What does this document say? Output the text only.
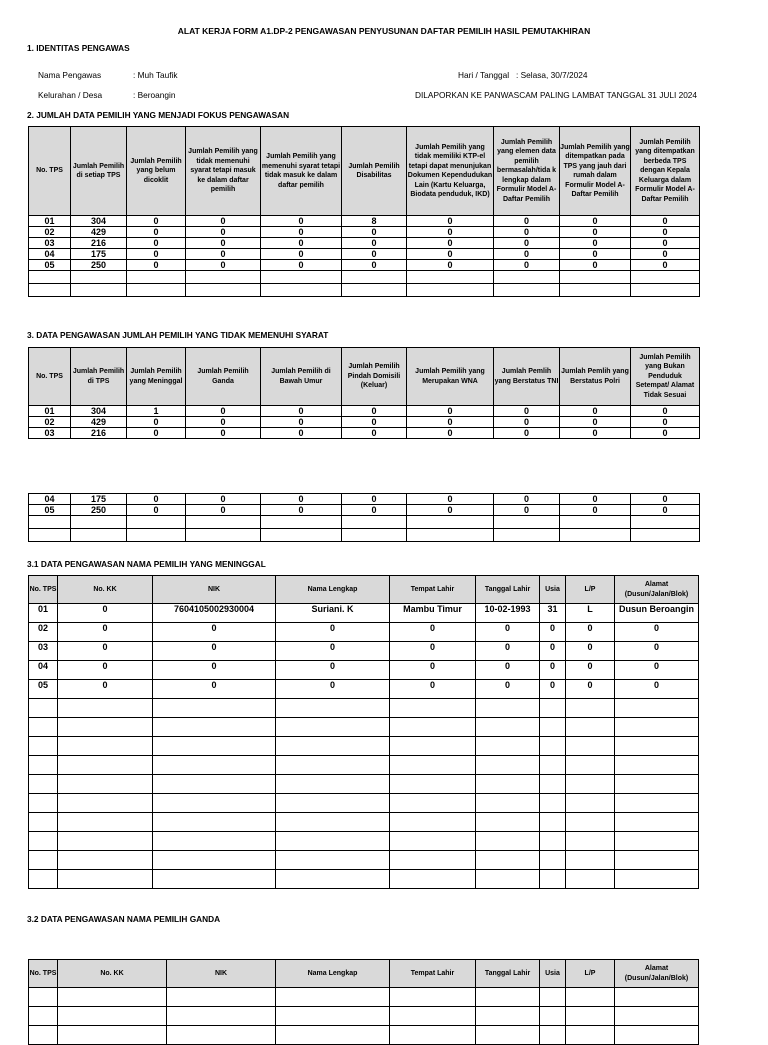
ALAT KERJA FORM A1.DP-2 PENGAWASAN PENYUSUNAN DAFTAR PEMILIH HASIL PEMUTAKHIRAN
1. IDENTITAS PENGAWAS
Nama Pengawas	: Muh Taufik
Kelurahan / Desa	: Beroangin
Hari / Tanggal : Selasa, 30/7/2024
DILAPORKAN KE PANWASCAM PALING LAMBAT TANGGAL 31 JULI 2024
2. JUMLAH DATA PEMILIH YANG MENJADI FOKUS PENGAWASAN
No. TPS	Jumlah Pemilih di setiap TPS	Jumlah Pemilih yang belum dicoklit	Jumlah Pemilih yang tidak memenuhi syarat tetapi masuk ke dalam daftar pemilih	Jumlah Pemilih yang memenuhi syarat tetapi tidak masuk ke dalam daftar pemilih	Jumlah Pemilih Disabilitas	Jumlah Pemilih yang tidak memiliki KTP-el tetapi dapat menunjukan Dokumen Kependudukan Lain (Kartu Keluarga, Biodata penduduk, IKD)	Jumlah Pemilih yang elemen data pemilih bermasalah/tida k lengkap dalam Formulir Model A-Daftar Pemilih	Jumlah Pemilih yang ditempatkan pada TPS yang jauh dari rumah dalam Formulir Model A-Daftar Pemilih	Jumlah Pemilih yang ditempatkan berbeda TPS dengan Kepala Keluarga dalam Formulir Model A-Daftar Pemilih
01	304	0	0	0	8	0	0	0	0
02	429	0	0	0	0	0	0	0	0
03	216	0	0	0	0	0	0	0	0
04	175	0	0	0	0	0	0	0	0
05	250	0	0	0	0	0	0	0	0

3. DATA PENGAWASAN JUMLAH PEMILIH YANG TIDAK MEMENUHI SYARAT
No. TPS	Jumlah Pemilih di TPS	Jumlah Pemilih yang Meninggal	Jumlah Pemilih Ganda	Jumlah Pemilih di Bawah Umur	Jumlah Pemilih Pindah Domisili (Keluar)	Jumlah Pemilih yang Merupakan WNA	Jumlah Pemlih yang Berstatus TNI	Jumlah Pemlih yang Berstatus Polri	Jumlah Pemilih yang Bukan Penduduk Setempat/ Alamat Tidak Sesuai
01	304	1	0	0	0	0	0	0	0
02	429	0	0	0	0	0	0	0	0
03	216	0	0	0	0	0	0	0	0
04	175	0	0	0	0	0	0	0	0
05	250	0	0	0	0	0	0	0	0

3.1 DATA PENGAWASAN NAMA PEMILIH YANG MENINGGAL
No. TPS	No. KK	NIK	Nama Lengkap	Tempat Lahir	Tanggal Lahir	Usia	L/P	Alamat (Dusun/Jalan/Blok)
01	0	7604105002930004	Suriani. K	Mambu Timur	10-02-1993	31	L	Dusun Beroangin
02	0	0	0	0	0	0	0	0
03	0	0	0	0	0	0	0	0
04	0	0	0	0	0	0	0	0
05	0	0	0	0	0	0	0	0

3.2 DATA PENGAWASAN NAMA PEMILIH GANDA
No. TPS	No. KK	NIK	Nama Lengkap	Tempat Lahir	Tanggal Lahir	Usia	L/P	Alamat (Dusun/Jalan/Blok)
